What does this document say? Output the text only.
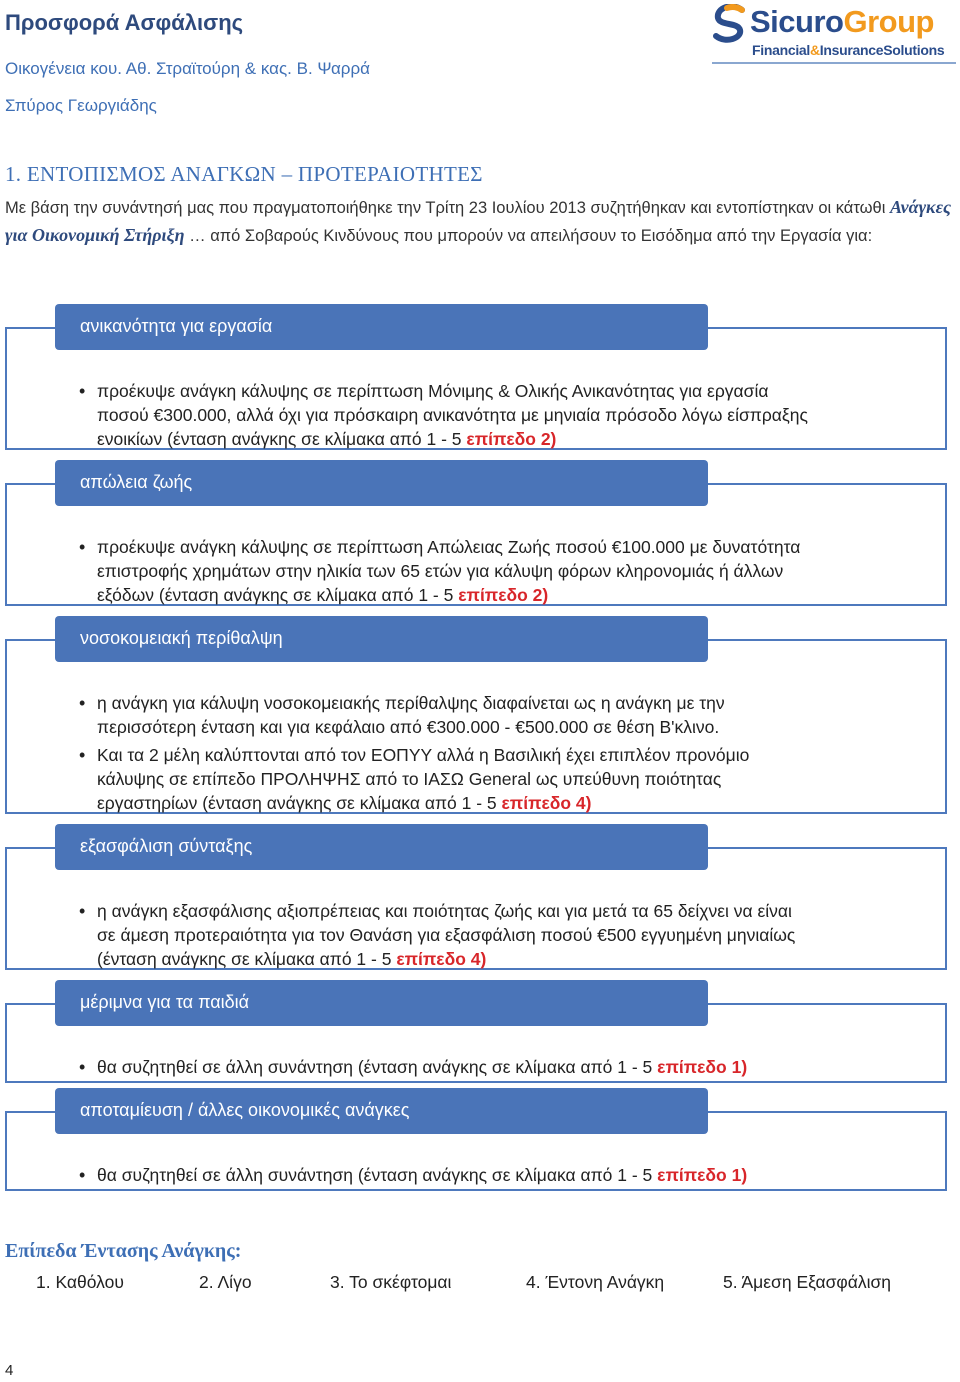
Προσφορά Ασφάλισης
Οικογένεια κου. Αθ. Στραϊτούρη & κας. Β. Ψαρρά
Σπύρος Γεωργιάδης
SicuroGroup
Financial&InsuranceSolutions
1. ΕΝΤΟΠΙΣΜΟΣ ΑΝΑΓΚΩΝ – ΠΡΟΤΕΡΑΙΟΤΗΤΕΣ
Με βάση την συνάντησή μας που πραγματοποιήθηκε την Τρίτη 23 Ιουλίου 2013 συζητήθηκαν και εντοπίστηκαν οι κάτωθι Ανάγκες για Οικονομική Στήριξη … από Σοβαρούς Κινδύνους που μπορούν να απειλήσουν το Εισόδημα από την Εργασία για:
• προέκυψε ανάγκη κάλυψης σε περίπτωση Μόνιμης & Ολικής Ανικανότητας για εργασία ποσού €300.000, αλλά όχι για πρόσκαιρη ανικανότητα με μηνιαία πρόσοδο λόγω είσπραξης ενοικίων (ένταση ανάγκης σε κλίμακα από 1 - 5 επίπεδο 2)
ανικανότητα για εργασία
• προέκυψε ανάγκη κάλυψης σε περίπτωση Απώλειας Ζωής ποσού €100.000 με δυνατότητα επιστροφής χρημάτων στην ηλικία των 65 ετών για κάλυψη φόρων κληρονομιάς ή άλλων εξόδων (ένταση ανάγκης σε κλίμακα από 1 - 5 επίπεδο 2)
απώλεια ζωής
• η ανάγκη για κάλυψη νοσοκομειακής περίθαλψης διαφαίνεται ως η ανάγκη με την περισσότερη ένταση και για κεφάλαιο από €300.000 - €500.000 σε θέση Β'κλινο.
• Και τα 2 μέλη καλύπτονται από τον ΕΟΠΥΥ αλλά η Βασιλική έχει επιπλέον προνόμιο κάλυψης σε επίπεδο ΠΡΟΛΗΨΗΣ από το ΙΑΣΩ General ως υπεύθυνη ποιότητας εργαστηρίων (ένταση ανάγκης σε κλίμακα από 1 - 5 επίπεδο 4)
νοσοκομειακή περίθαλψη
• η ανάγκη εξασφάλισης αξιοπρέπειας και ποιότητας ζωής και για μετά τα 65 δείχνει να είναι σε άμεση προτεραιότητα για τον Θανάση για εξασφάλιση ποσού €500 εγγυημένη μηνιαίως (ένταση ανάγκης σε κλίμακα από 1 - 5 επίπεδο 4)
εξασφάλιση σύνταξης
• θα συζητηθεί σε άλλη συνάντηση (ένταση ανάγκης σε κλίμακα από 1 - 5 επίπεδο 1)
μέριμνα για τα παιδιά
• θα συζητηθεί σε άλλη συνάντηση (ένταση ανάγκης σε κλίμακα από 1 - 5 επίπεδο 1)
αποταμίευση / άλλες οικονομικές ανάγκες
Επίπεδα Έντασης Ανάγκης:
1. Καθόλου	2. Λίγο	3. Το σκέφτομαι	4. Έντονη Ανάγκη	5. Άμεση Εξασφάλιση
4
